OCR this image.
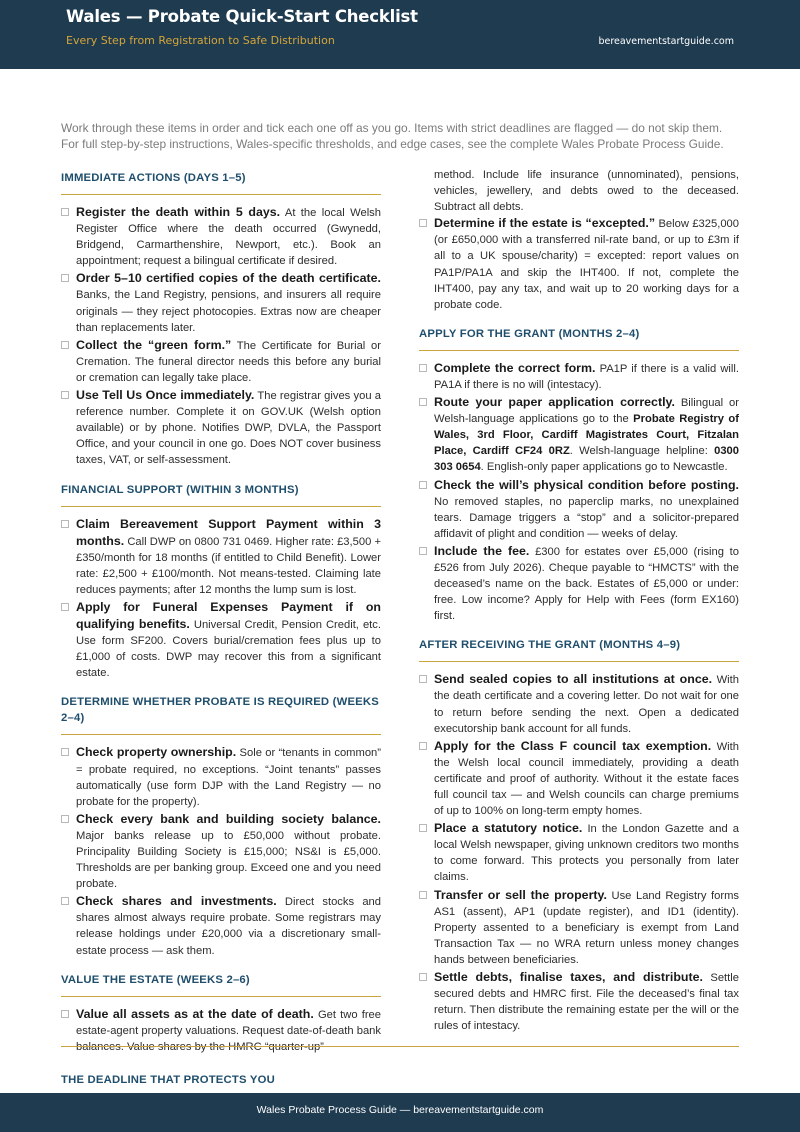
Wales — Probate Quick-Start Checklist
Every Step from Registration to Safe Distribution	bereavementstartguide.com
Work through these items in order and tick each one off as you go. Items with strict deadlines are flagged — do not skip them. For full step-by-step instructions, Wales-specific thresholds, and edge cases, see the complete Wales Probate Process Guide.
IMMEDIATE ACTIONS (DAYS 1–5)
Register the death within 5 days. At the local Welsh Register Office where the death occurred (Gwynedd, Bridgend, Carmarthenshire, Newport, etc.). Book an appointment; request a bilingual certificate if desired.
Order 5–10 certified copies of the death certificate. Banks, the Land Registry, pensions, and insurers all require originals — they reject photocopies. Extras now are cheaper than replacements later.
Collect the “green form.” The Certificate for Burial or Cremation. The funeral director needs this before any burial or cremation can legally take place.
Use Tell Us Once immediately. The registrar gives you a reference number. Complete it on GOV.UK (Welsh option available) or by phone. Notifies DWP, DVLA, the Passport Office, and your council in one go. Does NOT cover business taxes, VAT, or self-assessment.
FINANCIAL SUPPORT (WITHIN 3 MONTHS)
Claim Bereavement Support Payment within 3 months. Call DWP on 0800 731 0469. Higher rate: £3,500 + £350/month for 18 months (if entitled to Child Benefit). Lower rate: £2,500 + £100/month. Not means-tested. Claiming late reduces payments; after 12 months the lump sum is lost.
Apply for Funeral Expenses Payment if on qualifying benefits. Universal Credit, Pension Credit, etc. Use form SF200. Covers burial/cremation fees plus up to £1,000 of costs. DWP may recover this from a significant estate.
DETERMINE WHETHER PROBATE IS REQUIRED (WEEKS 2–4)
Check property ownership. Sole or “tenants in common” = probate required, no exceptions. “Joint tenants” passes automatically (use form DJP with the Land Registry — no probate for the property).
Check every bank and building society balance. Major banks release up to £50,000 without probate. Principality Building Society is £15,000; NS&I is £5,000. Thresholds are per banking group. Exceed one and you need probate.
Check shares and investments. Direct stocks and shares almost always require probate. Some registrars may release holdings under £20,000 via a discretionary small-estate process — ask them.
VALUE THE ESTATE (WEEKS 2–6)
Value all assets as at the date of death. Get two free estate-agent property valuations. Request date-of-death bank
method. Include life insurance (unnominated), pensions, vehicles, jewellery, and debts owed to the deceased. Subtract all debts.
Determine if the estate is “excepted.” Below £325,000 (or £650,000 with a transferred nil-rate band, or up to £3m if all to a UK spouse/charity) = excepted: report values on PA1P/PA1A and skip the IHT400. If not, complete the IHT400, pay any tax, and wait up to 20 working days for a probate code.
APPLY FOR THE GRANT (MONTHS 2–4)
Complete the correct form. PA1P if there is a valid will. PA1A if there is no will (intestacy).
Route your paper application correctly. Bilingual or Welsh-language applications go to the Probate Registry of Wales, 3rd Floor, Cardiff Magistrates Court, Fitzalan Place, Cardiff CF24 0RZ. Welsh-language helpline: 0300 303 0654. English-only paper applications go to Newcastle.
Check the will’s physical condition before posting. No removed staples, no paperclip marks, no unexplained tears. Damage triggers a “stop” and a solicitor-prepared affidavit of plight and condition — weeks of delay.
Include the fee. £300 for estates over £5,000 (rising to £526 from July 2026). Cheque payable to “HMCTS” with the deceased’s name on the back. Estates of £5,000 or under: free. Low income? Apply for Help with Fees (form EX160) first.
AFTER RECEIVING THE GRANT (MONTHS 4–9)
Send sealed copies to all institutions at once. With the death certificate and a covering letter. Do not wait for one to return before sending the next. Open a dedicated executorship bank account for all funds.
Apply for the Class F council tax exemption. With the Welsh local council immediately, providing a death certificate and proof of authority. Without it the estate faces full council tax — and Welsh councils can charge premiums of up to 100% on long-term empty homes.
Place a statutory notice. In the London Gazette and a local Welsh newspaper, giving unknown creditors two months to come forward. This protects you personally from later claims.
Transfer or sell the property. Use Land Registry forms AS1 (assent), AP1 (update register), and ID1 (identity). Property assented to a beneficiary is exempt from Land Transaction Tax — no WRA return unless money changes hands between beneficiaries.
Settle debts, finalise taxes, and distribute. Settle secured debts and HMRC first. File the deceased’s final tax return. Then distribute the remaining estate per the will or the rules of intestacy.
THE DEADLINE THAT PROTECTS YOU
Wales Probate Process Guide — bereavementstartguide.com
